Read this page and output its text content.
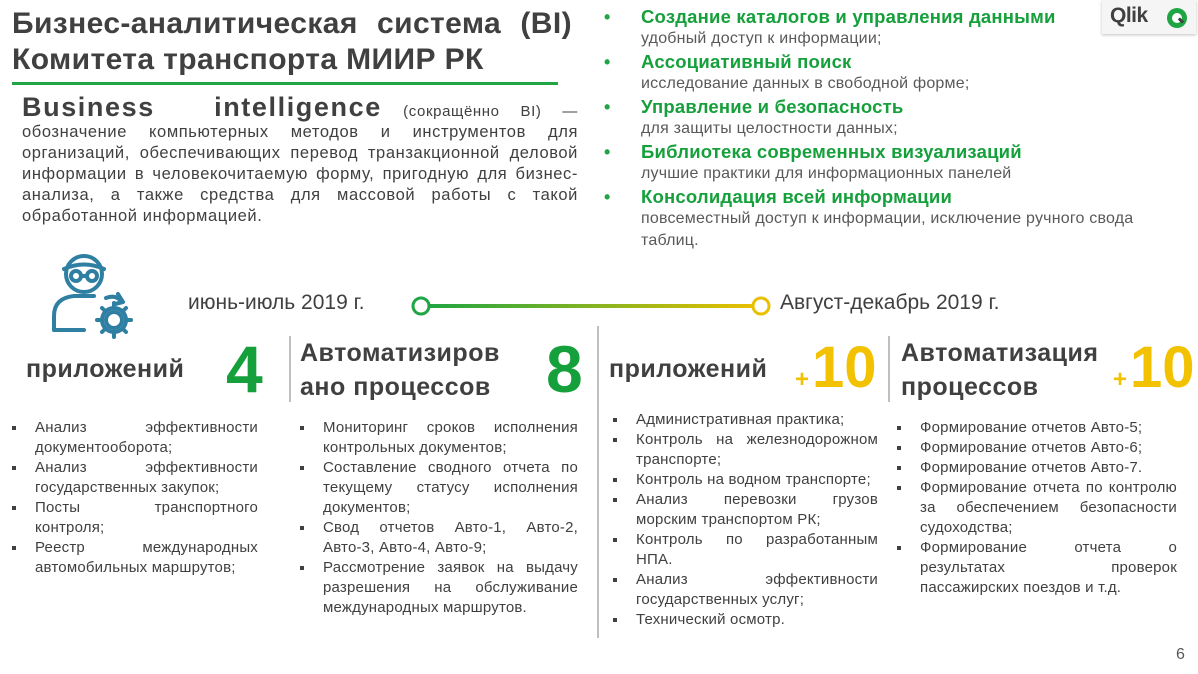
Бизнес-аналитическая система (BI)
Комитета транспорта МИИР РК
Business intelligence (сокращённо BI) — обозначение компьютерных методов и инструментов для организаций, обеспечивающих перевод транзакционной деловой информации в человекочитаемую форму, пригодную для бизнес-анализа, а также средства для массовой работы с такой обработанной информацией.
• Создание каталогов и управления данными
удобный доступ к информации;
• Ассоциативный поиск
исследование данных в свободной форме;
• Управление и безопасность
для защиты целостности данных;
• Библиотека современных визуализаций
лучшие практики для информационных панелей
• Консолидация всей информации
повсеместный доступ к информации, исключение ручного свода таблиц.
Qlik
июнь-июль 2019 г.	Август-декабрь 2019 г.
приложений 4
Анализ эффективности документооборота;
Анализ эффективности государственных закупок;
Посты транспортного контроля;
Реестр международных автомобильных маршрутов;
Автоматизиров
ано процессов 8
Мониторинг сроков исполнения контрольных документов;
Составление сводного отчета по текущему статусу исполнения документов;
Свод отчетов Авто-1, Авто-2, Авто-3, Авто-4, Авто-9;
Рассмотрение заявок на выдачу разрешения на обслуживание международных маршрутов.
приложений + 10
Административная практика;
Контроль на железнодорожном транспорте;
Контроль на водном транспорте;
Анализ перевозки грузов морским транспортом РК;
Контроль по разработанным НПА.
Анализ эффективности государственных услуг;
Технический осмотр.
Автоматизация
процессов	+ 10
Формирование отчетов Авто-5;
Формирование отчетов Авто-6;
Формирование отчетов Авто-7.
Формирование отчета по контролю за обеспечением безопасности судоходства;
Формирование отчета о результатах проверок пассажирских поездов и т.д.
6
